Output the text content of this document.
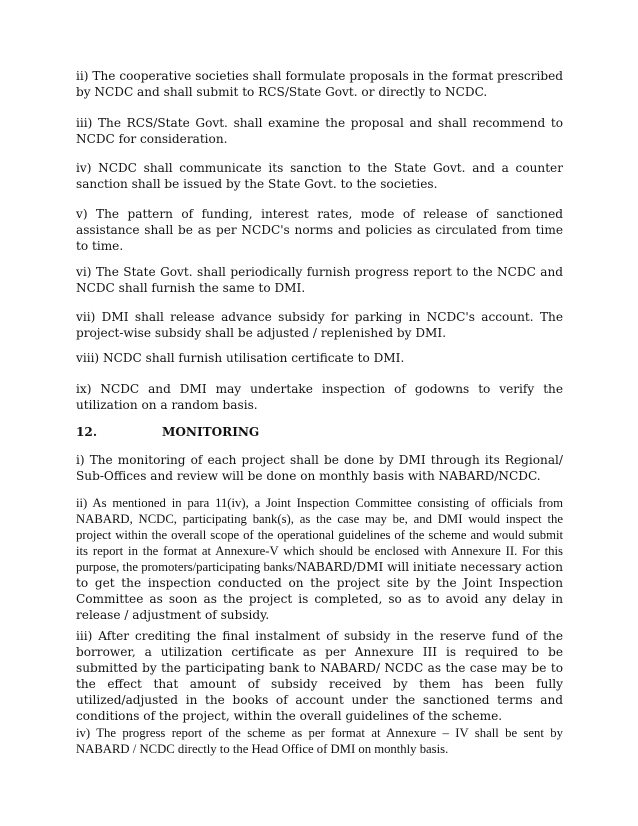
ii) The cooperative societies shall formulate proposals in the format prescribed by NCDC and shall submit to RCS/State Govt. or directly to NCDC.

iii) The RCS/State Govt. shall examine the proposal and shall recommend to NCDC for consideration.

iv) NCDC shall communicate its sanction to the State Govt. and a counter sanction shall be issued by the State Govt. to the societies.

v) The pattern of funding, interest rates, mode of release of sanctioned assistance shall be as per NCDC's norms and policies as circulated from time to time.

vi) The State Govt. shall periodically furnish progress report to the NCDC and NCDC shall furnish the same to DMI.

vii) DMI shall release advance subsidy for parking in NCDC's account. The project-wise subsidy shall be adjusted / replenished by DMI.

viii) NCDC shall furnish utilisation certificate to DMI.

ix) NCDC and DMI may undertake inspection of godowns to verify the utilization on a random basis.

12.	MONITORING

i) The monitoring of each project shall be done by DMI through its Regional/ Sub-Offices and review will be done on monthly basis with NABARD/NCDC.

ii) As mentioned in para 11(iv), a Joint Inspection Committee consisting of officials from NABARD, NCDC, participating bank(s), as the case may be, and DMI would inspect the project within the overall scope of the operational guidelines of the scheme and would submit its report in the format at Annexure-V which should be enclosed with Annexure II. For this purpose, the promoters/participating banks/NABARD/DMI will initiate necessary action to get the inspection conducted on the project site by the Joint Inspection Committee as soon as the project is completed, so as to avoid any delay in release / adjustment of subsidy.

iii) After crediting the final instalment of subsidy in the reserve fund of the borrower, a utilization certificate as per Annexure III is required to be submitted by the participating bank to NABARD/ NCDC as the case may be to the effect that amount of subsidy received by them has been fully utilized/adjusted in the books of account under the sanctioned terms and conditions of the project, within the overall guidelines of the scheme.

iv) The progress report of the scheme as per format at Annexure – IV shall be sent by NABARD / NCDC directly to the Head Office of DMI on monthly basis.
